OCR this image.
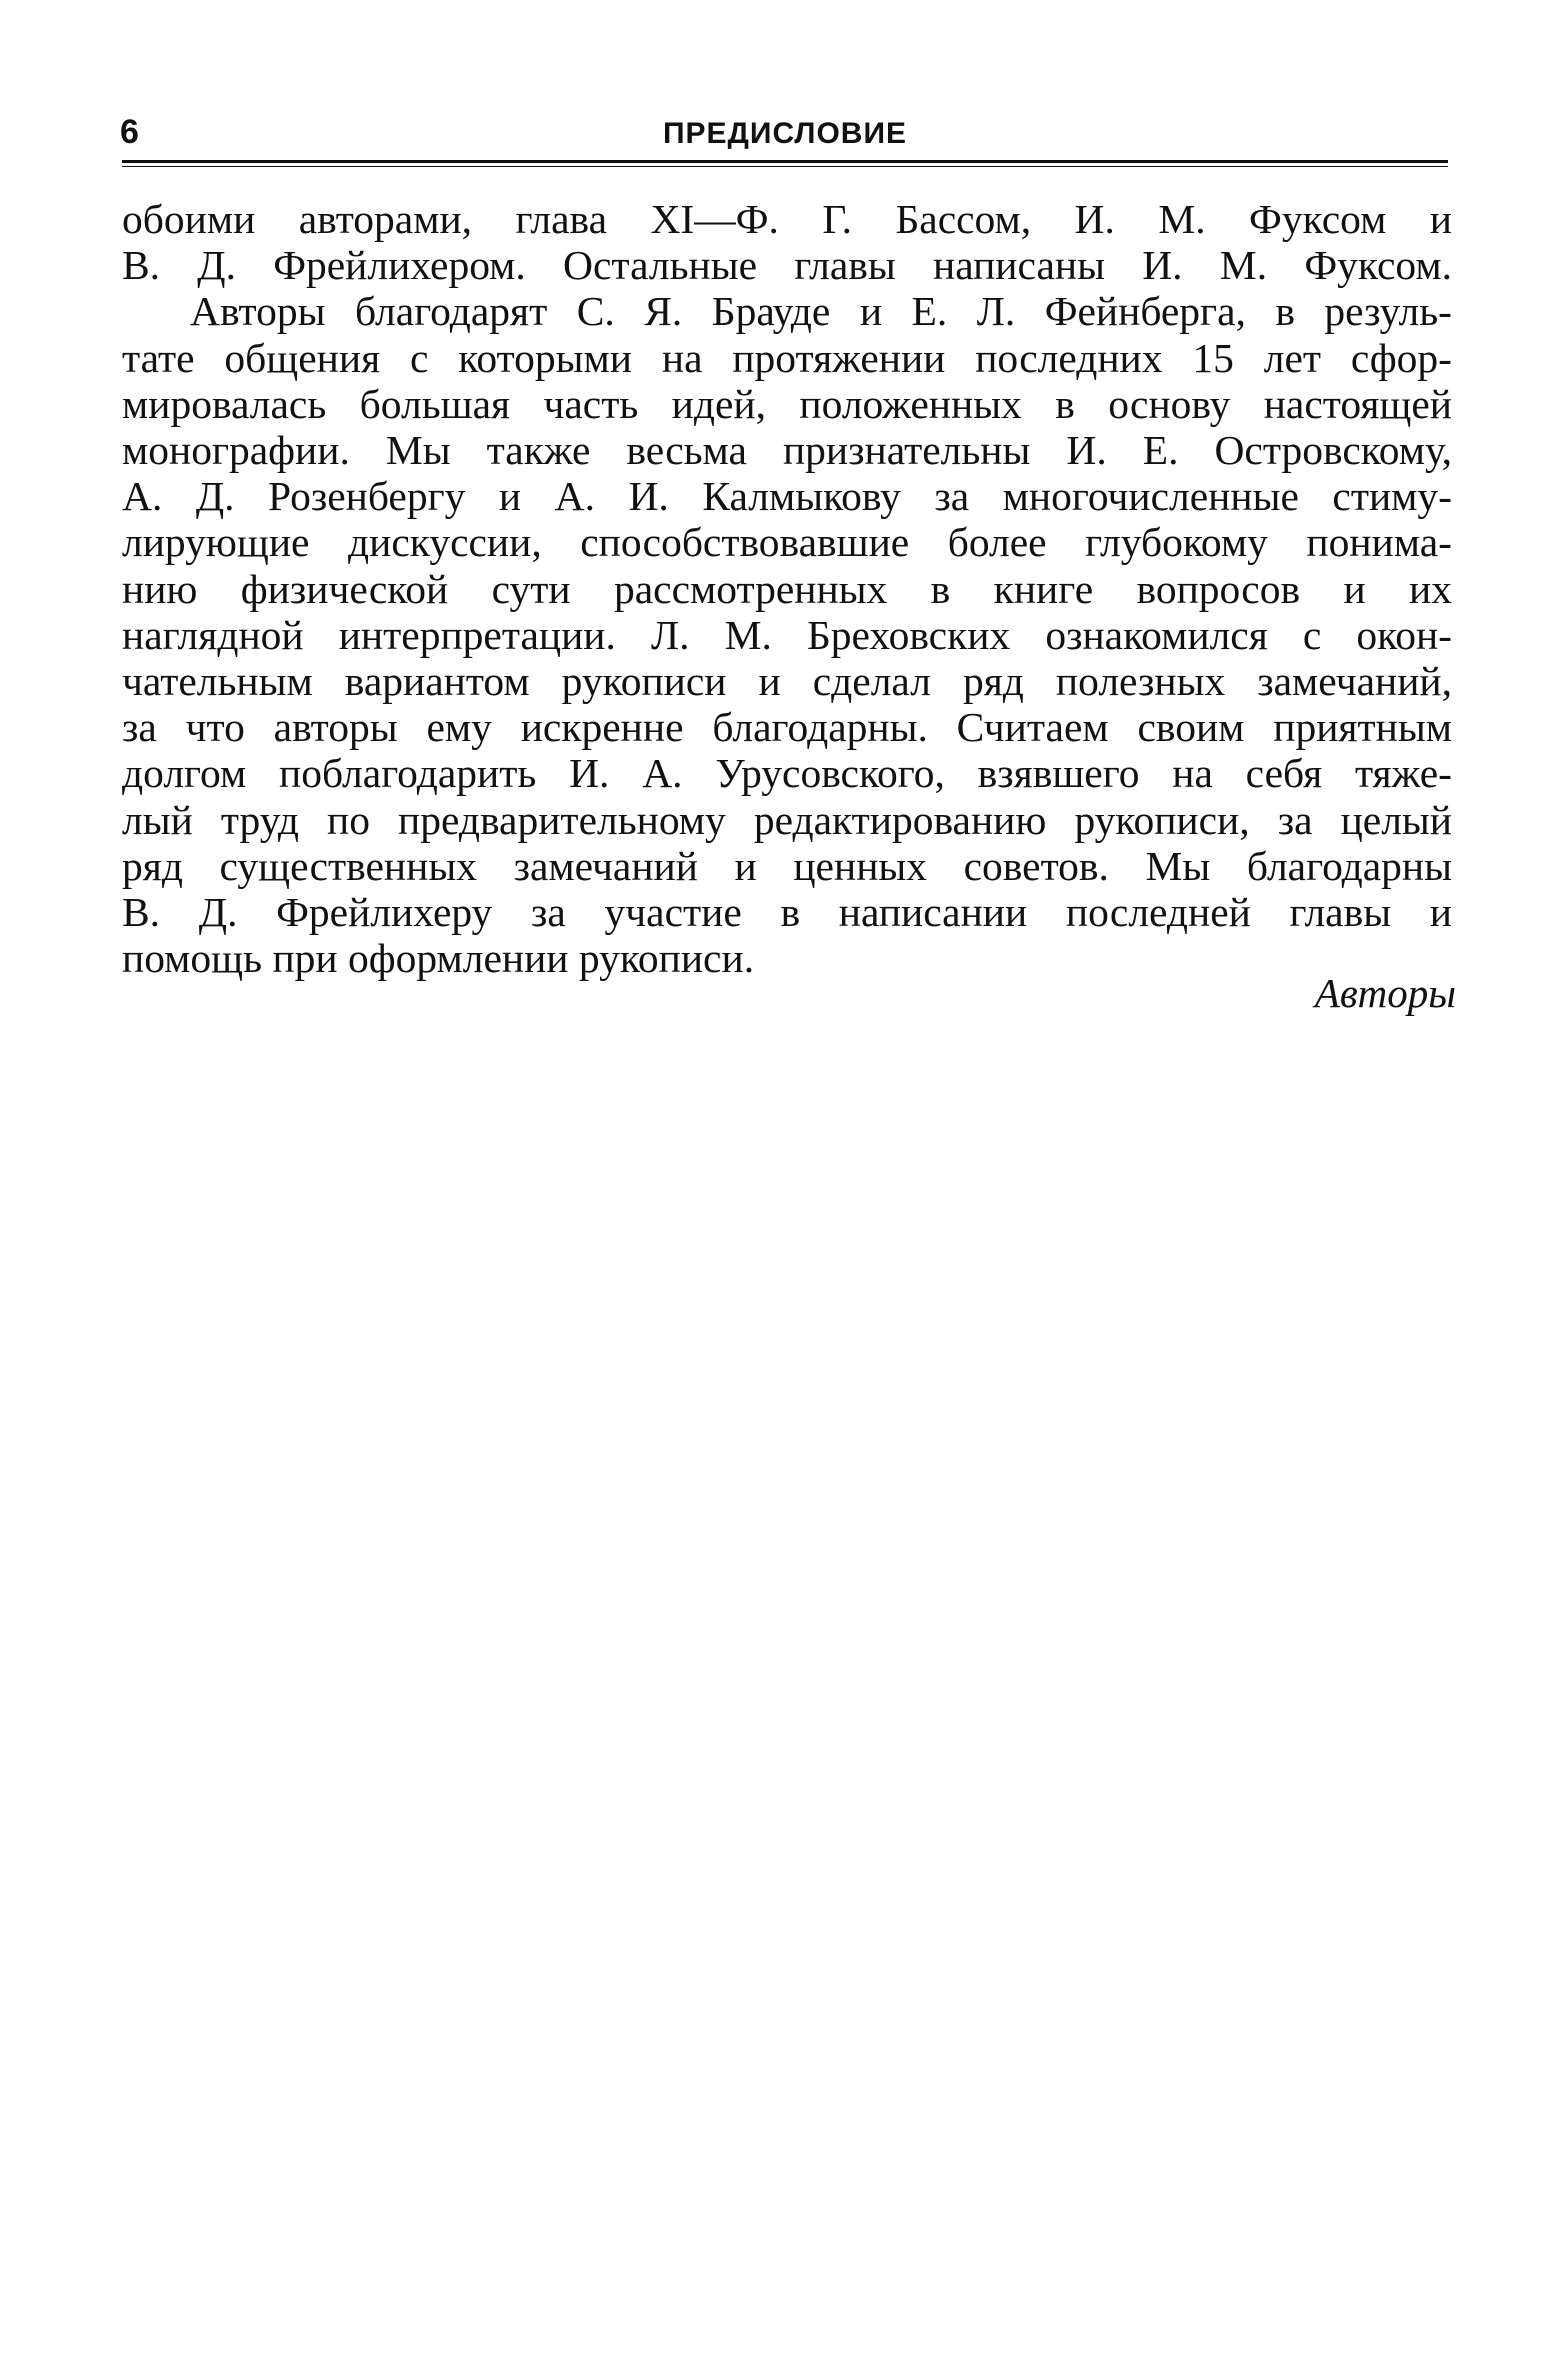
6	ПРЕДИСЛОВИЕ
обоими авторами, глава XI—Ф. Г. Бассом, И. М. Фуксом и
В. Д. Фрейлихером. Остальные главы написаны И. М. Фуксом.
Авторы благодарят С. Я. Брауде и Е. Л. Фейнберга, в резуль-
тате общения с которыми на протяжении последних 15 лет сфор-
мировалась большая часть идей, положенных в основу настоящей
монографии. Мы также весьма признательны И. Е. Островскому,
А. Д. Розенбергу и А. И. Калмыкову за многочисленные стиму-
лирующие дискуссии, способствовавшие более глубокому понима-
нию физической сути рассмотренных в книге вопросов и их
наглядной интерпретации. Л. М. Бреховских ознакомился с окон-
чательным вариантом рукописи и сделал ряд полезных замечаний,
за что авторы ему искренне благодарны. Считаем своим приятным
долгом поблагодарить И. А. Урусовского, взявшего на себя тяже-
лый труд по предварительному редактированию рукописи, за целый
ряд существенных замечаний и ценных советов. Мы благодарны
В. Д. Фрейлихеру за участие в написании последней главы и
помощь при оформлении рукописи.
Авторы
